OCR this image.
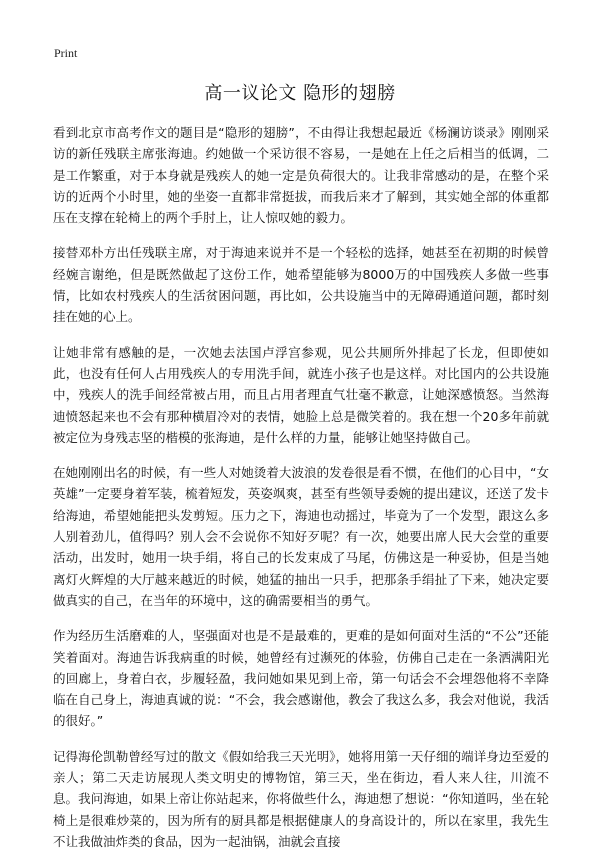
Print
高一议论文 隐形的翅膀

看到北京市高考作文的题目是“隐形的翅膀”，不由得让我想起最近《杨澜访谈录》刚刚采访的新任残联主席张海迪。约她做一个采访很不容易，一是她在上任之后相当的低调，二是工作繁重，对于本身就是残疾人的她一定是负荷很大的。让我非常感动的是，在整个采访的近两个小时里，她的坐姿一直都非常挺拔，而我后来才了解到，其实她全部的体重都压在支撑在轮椅上的两个手肘上，让人惊叹她的毅力。

接替邓朴方出任残联主席，对于海迪来说并不是一个轻松的选择，她甚至在初期的时候曾经婉言谢绝，但是既然做起了这份工作，她希望能够为8000万的中国残疾人多做一些事情，比如农村残疾人的生活贫困问题，再比如，公共设施当中的无障碍通道问题，都时刻挂在她的心上。

让她非常有感触的是，一次她去法国卢浮宫参观，见公共厕所外排起了长龙，但即使如此，也没有任何人占用残疾人的专用洗手间，就连小孩子也是这样。对比国内的公共设施中，残疾人的洗手间经常被占用，而且占用者理直气壮毫不歉意，让她深感愤怒。当然海迪愤怒起来也不会有那种横眉冷对的表情，她脸上总是微笑着的。我在想一个20多年前就被定位为身残志坚的楷模的张海迪，是什么样的力量，能够让她坚持做自己。

在她刚刚出名的时候，有一些人对她烫着大波浪的发卷很是看不惯，在他们的心目中，“女英雄”一定要身着军装，梳着短发，英姿飒爽，甚至有些领导委婉的提出建议，还送了发卡给海迪，希望她能把头发剪短。压力之下，海迪也动摇过，毕竟为了一个发型，跟这么多人别着劲儿，值得吗？别人会不会说你不知好歹呢？有一次，她要出席人民大会堂的重要活动，出发时，她用一块手绢，将自己的长发束成了马尾，仿佛这是一种妥协，但是当她离灯火辉煌的大厅越来越近的时候，她猛的抽出一只手，把那条手绢扯了下来，她决定要做真实的自己，在当年的环境中，这的确需要相当的勇气。

作为经历生活磨难的人，坚强面对也是不是最难的，更难的是如何面对生活的“不公”还能笑着面对。海迪告诉我病重的时候，她曾经有过濒死的体验，仿佛自己走在一条洒满阳光的回廊上，身着白衣，步履轻盈，我问她如果见到上帝，第一句话会不会埋怨他将不幸降临在自己身上，海迪真诚的说：“不会，我会感谢他，教会了我这么多，我会对他说，我活的很好。”

记得海伦凯勒曾经写过的散文《假如给我三天光明》，她将用第一天仔细的端详身边至爱的亲人；第二天走访展现人类文明史的博物馆，第三天，坐在街边，看人来人往，川流不息。我问海迪，如果上帝让你站起来，你将做些什么，海迪想了想说：“你知道吗，坐在轮椅上是很难炒菜的，因为所有的厨具都是根据健康人的身高设计的，所以在家里，我先生不让我做油炸类的食品，因为一起油锅，油就会直接
